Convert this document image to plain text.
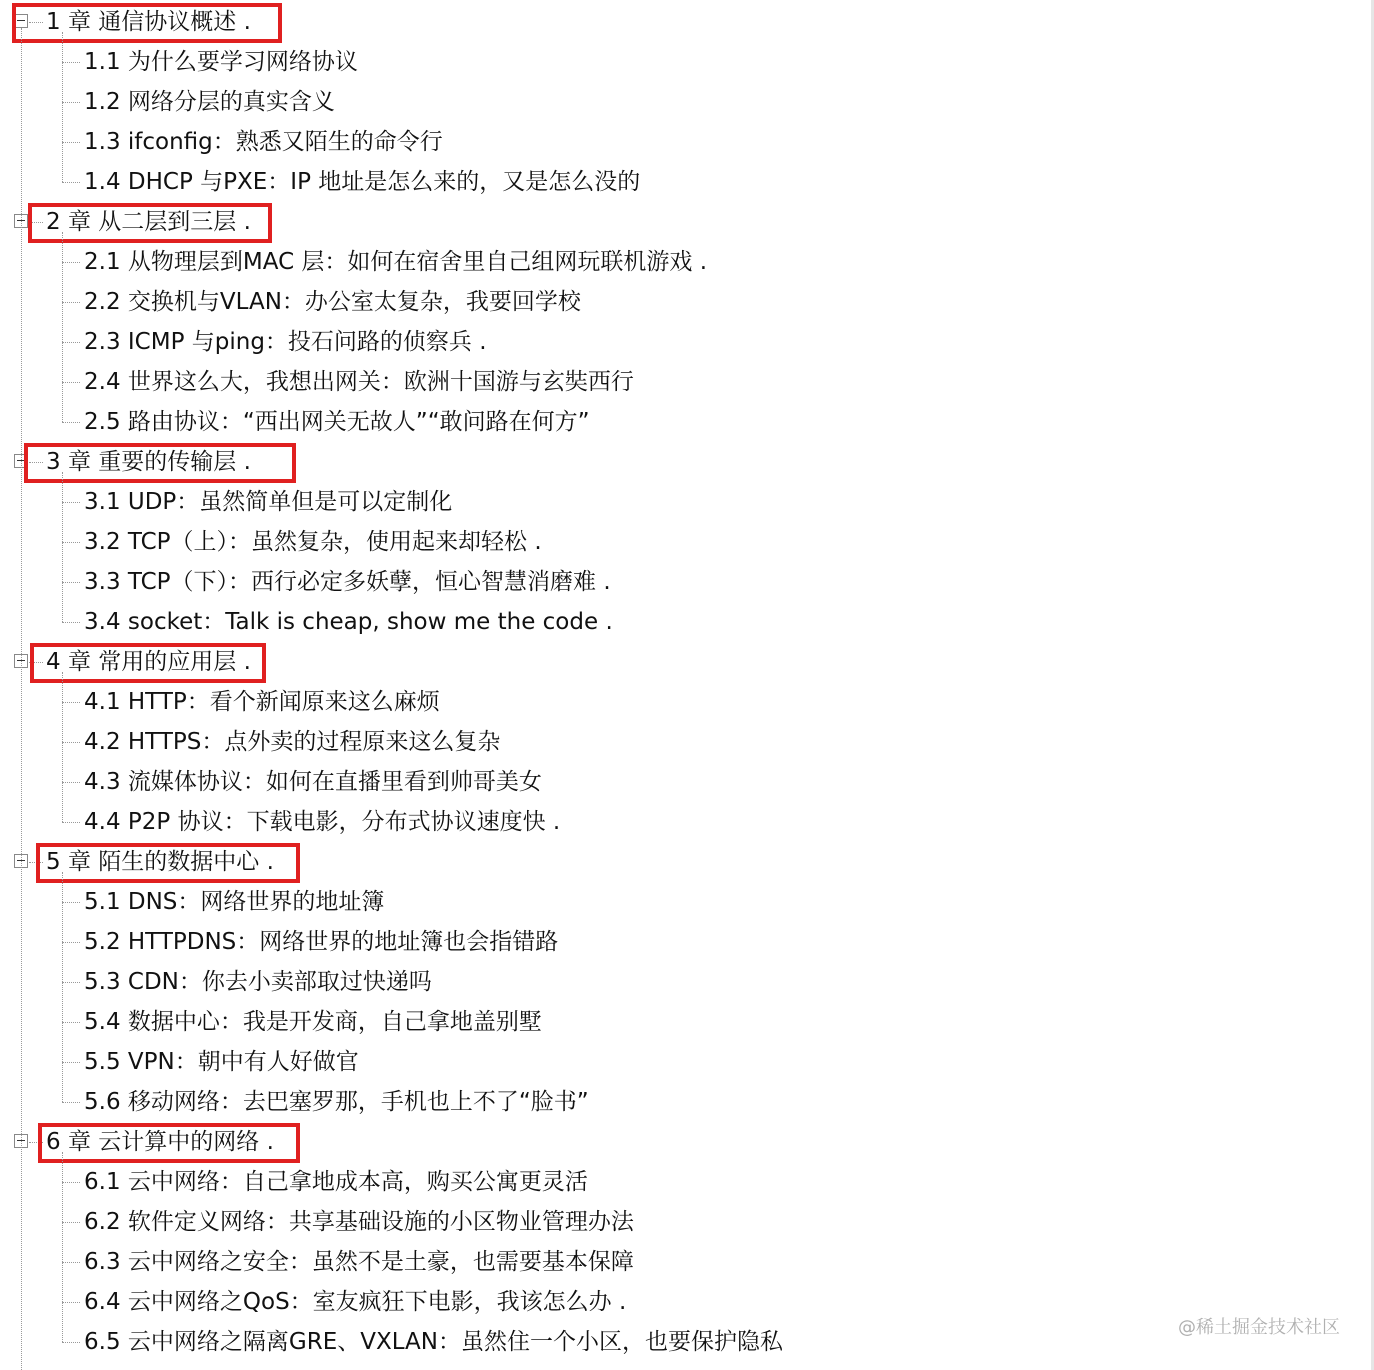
1 章 通信协议概述 .
1.1 为什么要学习网络协议
1.2 网络分层的真实含义
1.3 ifconfig：熟悉又陌生的命令行
1.4 DHCP 与PXE：IP 地址是怎么来的，又是怎么没的
2 章 从二层到三层 .
2.1 从物理层到MAC 层：如何在宿舍里自己组网玩联机游戏 .
2.2 交换机与VLAN：办公室太复杂，我要回学校
2.3 ICMP 与ping：投石问路的侦察兵 .
2.4 世界这么大，我想出网关：欧洲十国游与玄奘西行
2.5 路由协议：“西出网关无故人”“敢问路在何方”
3 章 重要的传输层 .
3.1 UDP：虽然简单但是可以定制化
3.2 TCP（上）：虽然复杂，使用起来却轻松 .
3.3 TCP（下）：西行必定多妖孽，恒心智慧消磨难 .
3.4 socket：Talk is cheap, show me the code .
4 章 常用的应用层 .
4.1 HTTP：看个新闻原来这么麻烦
4.2 HTTPS：点外卖的过程原来这么复杂
4.3 流媒体协议：如何在直播里看到帅哥美女
4.4 P2P 协议：下载电影，分布式协议速度快 .
5 章 陌生的数据中心 .
5.1 DNS：网络世界的地址簿
5.2 HTTPDNS：网络世界的地址簿也会指错路
5.3 CDN：你去小卖部取过快递吗
5.4 数据中心：我是开发商，自己拿地盖别墅
5.5 VPN：朝中有人好做官
5.6 移动网络：去巴塞罗那，手机也上不了“脸书”
6 章 云计算中的网络 .
6.1 云中网络：自己拿地成本高，购买公寓更灵活
6.2 软件定义网络：共享基础设施的小区物业管理办法
6.3 云中网络之安全：虽然不是土豪，也需要基本保障
6.4 云中网络之QoS：室友疯狂下电影，我该怎么办 .
6.5 云中网络之隔离GRE、VXLAN：虽然住一个小区，也要保护隐私
@稀土掘金技术社区
